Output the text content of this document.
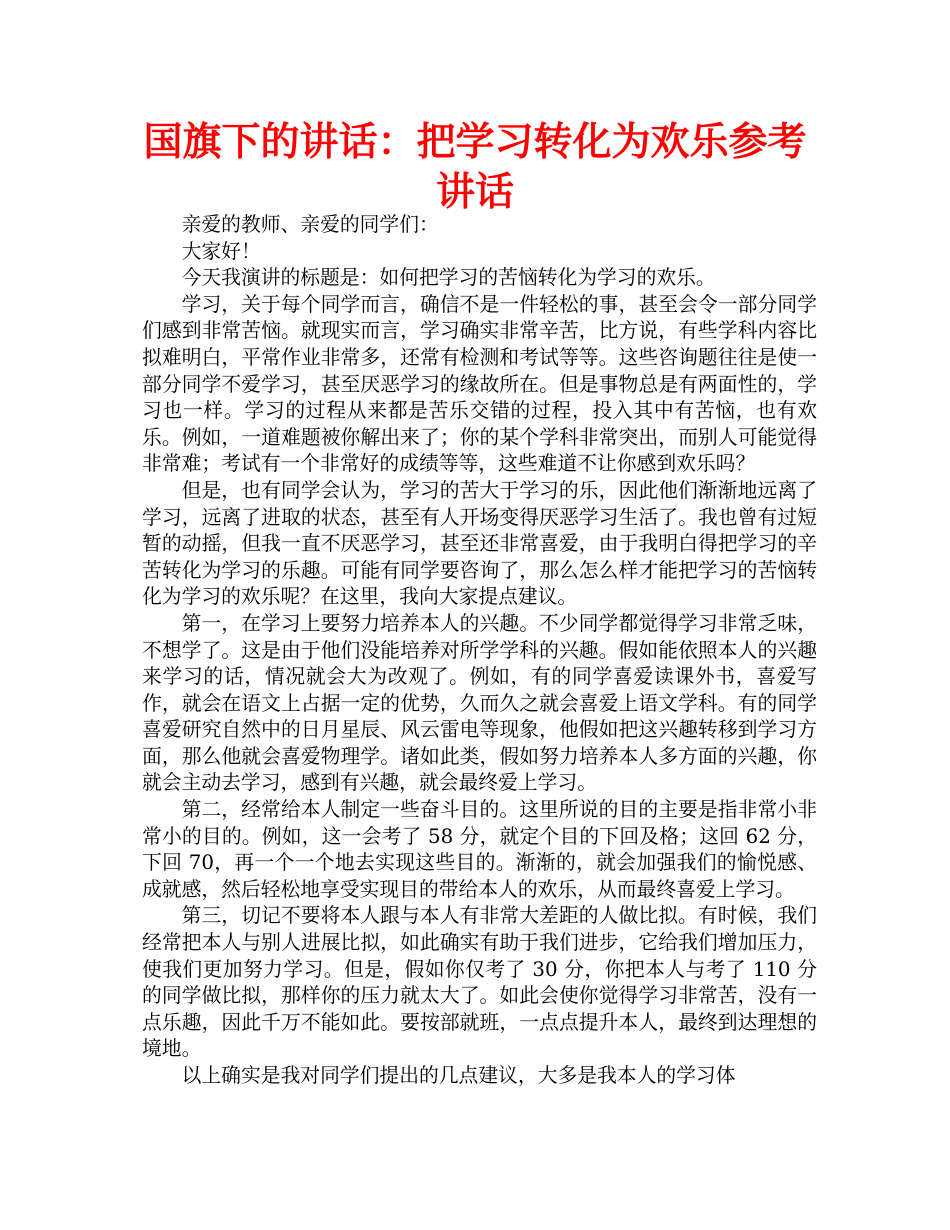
国旗下的讲话：把学习转化为欢乐参考讲话

亲爱的教师、亲爱的同学们：

大家好！

今天我演讲的标题是：如何把学习的苦恼转化为学习的欢乐。

学习，关于每个同学而言，确信不是一件轻松的事，甚至会令一部分同学们感到非常苦恼。就现实而言，学习确实非常辛苦，比方说，有些学科内容比拟难明白，平常作业非常多，还常有检测和考试等等。这些咨询题往往是使一部分同学不爱学习，甚至厌恶学习的缘故所在。但是事物总是有两面性的，学习也一样。学习的过程从来都是苦乐交错的过程，投入其中有苦恼，也有欢乐。例如，一道难题被你解出来了；你的某个学科非常突出，而别人可能觉得非常难；考试有一个非常好的成绩等等，这些难道不让你感到欢乐吗？

但是，也有同学会认为，学习的苦大于学习的乐，因此他们渐渐地远离了学习，远离了进取的状态，甚至有人开场变得厌恶学习生活了。我也曾有过短暂的动摇，但我一直不厌恶学习，甚至还非常喜爱，由于我明白得把学习的辛苦转化为学习的乐趣。可能有同学要咨询了，那么怎么样才能把学习的苦恼转化为学习的欢乐呢？在这里，我向大家提点建议。

第一，在学习上要努力培养本人的兴趣。不少同学都觉得学习非常乏味，不想学了。这是由于他们没能培养对所学学科的兴趣。假如能依照本人的兴趣来学习的话，情况就会大为改观了。例如，有的同学喜爱读课外书，喜爱写作，就会在语文上占据一定的优势，久而久之就会喜爱上语文学科。有的同学喜爱研究自然中的日月星辰、风云雷电等现象，他假如把这兴趣转移到学习方面，那么他就会喜爱物理学。诸如此类，假如努力培养本人多方面的兴趣，你就会主动去学习，感到有兴趣，就会最终爱上学习。

第二，经常给本人制定一些奋斗目的。这里所说的目的主要是指非常小非常小的目的。例如，这一会考了 58 分，就定个目的下回及格；这回 62 分，下回 70，再一个一个地去实现这些目的。渐渐的，就会加强我们的愉悦感、成就感，然后轻松地享受实现目的带给本人的欢乐，从而最终喜爱上学习。

第三，切记不要将本人跟与本人有非常大差距的人做比拟。有时候，我们经常把本人与别人进展比拟，如此确实有助于我们进步，它给我们增加压力，使我们更加努力学习。但是，假如你仅考了 30 分，你把本人与考了 110 分的同学做比拟，那样你的压力就太大了。如此会使你觉得学习非常苦，没有一点乐趣，因此千万不能如此。要按部就班，一点点提升本人，最终到达理想的境地。

以上确实是我对同学们提出的几点建议，大多是我本人的学习体
